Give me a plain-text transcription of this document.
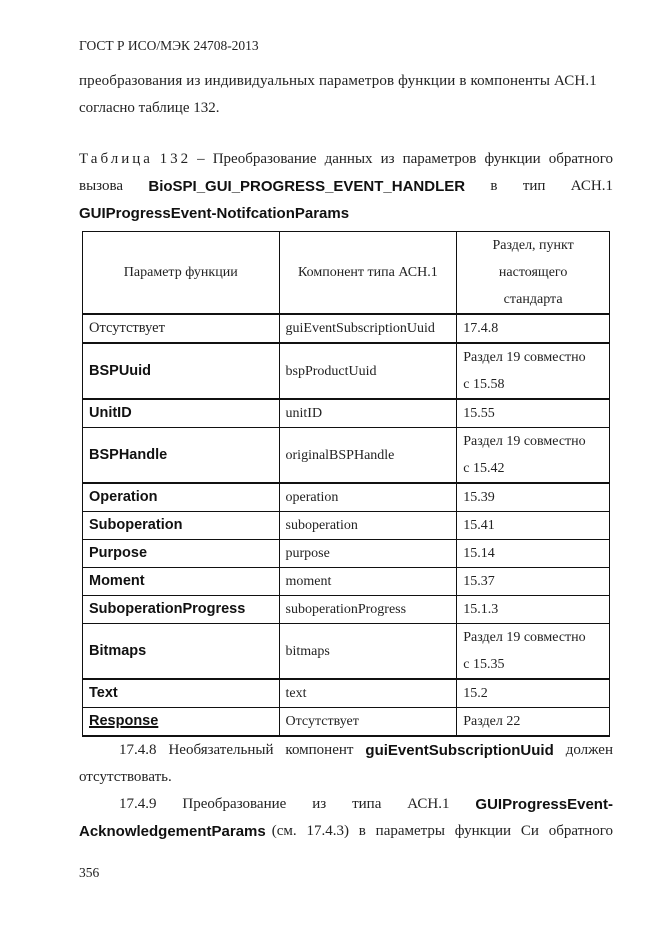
ГОСТ Р ИСО/МЭК 24708-2013
преобразования из индивидуальных параметров функции в компоненты АСН.1
согласно таблице 132.
Таблица 132 – Преобразование данных из параметров функции обратного
вызова BioSPI_GUI_PROGRESS_EVENT_HANDLER в тип АСН.1
GUIProgressEvent-NotifcationParams
Параметр функции	Компонент типа АСН.1	Раздел, пункт
настоящего
стандарта

Отсутствует	guiEventSubscriptionUuid	17.4.8
BSPUuid	bspProductUuid	Раздел 19 совместно
с 15.58

UnitID	unitID	15.55
BSPHandle	originalBSPHandle	Раздел 19 совместно
с 15.42

Operation	operation	15.39
Suboperation	suboperation	15.41
Purpose	purpose	15.14
Moment	moment	15.37
SuboperationProgress	suboperationProgress	15.1.3
Bitmaps	bitmaps	Раздел 19 совместно
с 15.35

Text	text	15.2
Response	Отсутствует	Раздел 22
17.4.8 Необязательный компонент guiEventSubscriptionUuid должен
отсутствовать.
17.4.9 Преобразование из типа АСН.1 GUIProgressEvent-
AcknowledgementParams (см. 17.4.3) в параметры функции Си обратного
356
